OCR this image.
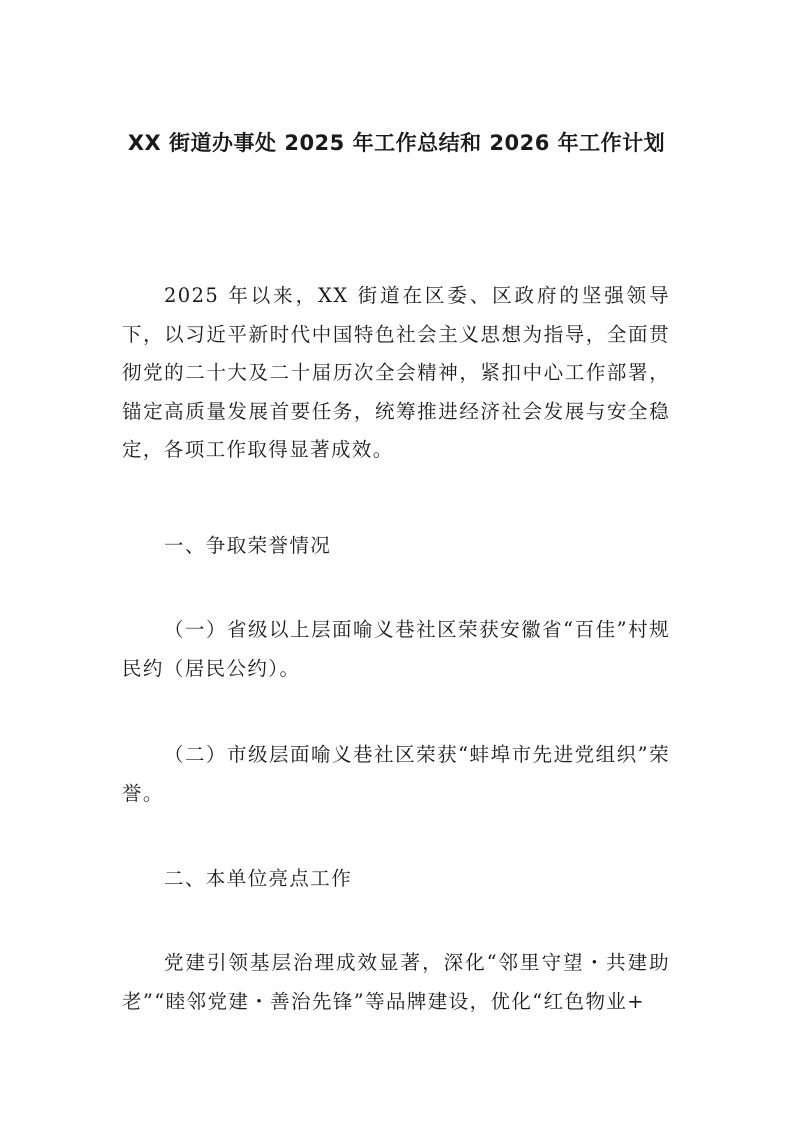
XX 街道办事处 2025 年工作总结和 2026 年工作计划

2025 年以来，XX 街道在区委、区政府的坚强领导下，以习近平新时代中国特色社会主义思想为指导，全面贯彻党的二十大及二十届历次全会精神，紧扣中心工作部署，锚定高质量发展首要任务，统筹推进经济社会发展与安全稳定，各项工作取得显著成效。

一、争取荣誉情况

（一）省级以上层面喻义巷社区荣获安徽省“百佳”村规民约（居民公约）。

（二）市级层面喻义巷社区荣获“蚌埠市先进党组织”荣誉。

二、本单位亮点工作

党建引领基层治理成效显著，深化“邻里守望・共建助老”“睦邻党建・善治先锋”等品牌建设，优化“红色物业+
